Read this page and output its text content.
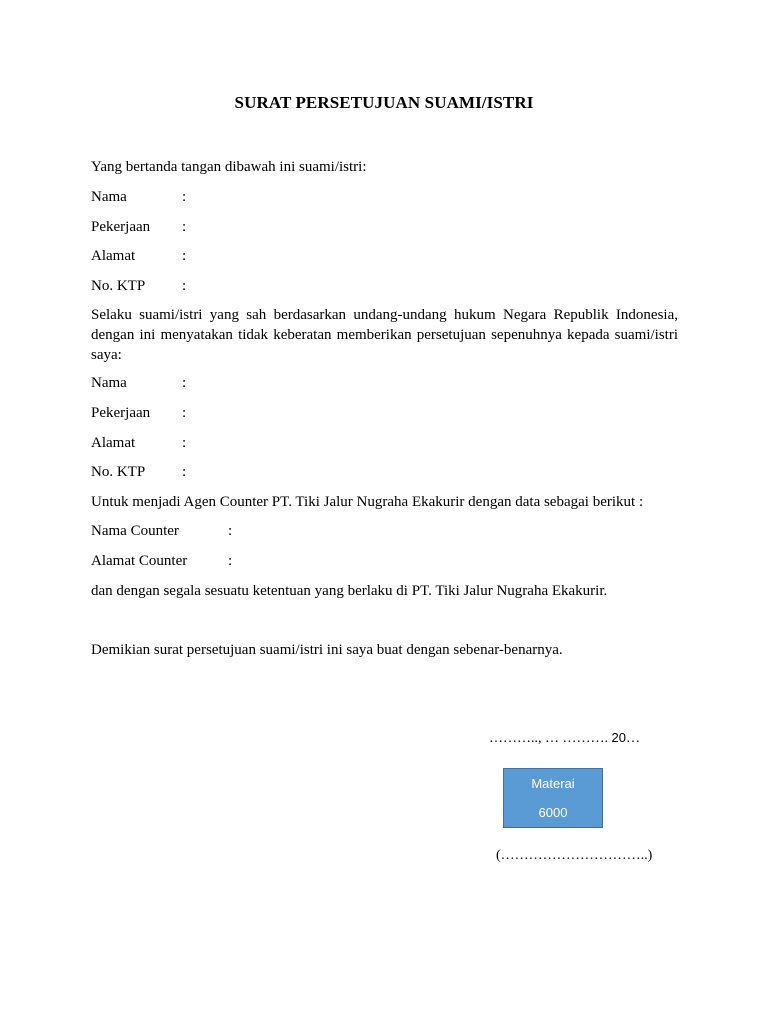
SURAT PERSETUJUAN SUAMI/ISTRI
Yang bertanda tangan dibawah ini suami/istri:
Nama	:
Pekerjaan :
Alamat	:
No. KTP :
Selaku suami/istri yang sah berdasarkan undang-undang hukum Negara Republik Indonesia, dengan ini menyatakan tidak keberatan memberikan persetujuan sepenuhnya kepada suami/istri saya:
Nama	:
Pekerjaan :
Alamat	:
No. KTP :
Untuk menjadi Agen Counter PT. Tiki Jalur Nugraha Ekakurir dengan data sebagai berikut :
Nama Counter	:
Alamat Counter	:
dan dengan segala sesuatu ketentuan yang berlaku di PT. Tiki Jalur Nugraha Ekakurir.
Demikian surat persetujuan suami/istri ini saya buat dengan sebenar-benarnya.
……….., … ………. 20…
Materai
6000
(…………………………..)
